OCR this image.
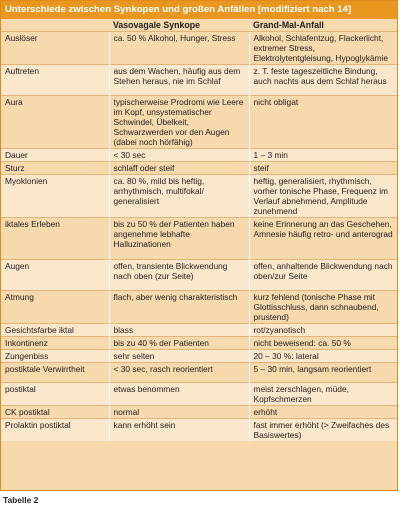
Unterschiede zwischen Synkopen und großen Anfällen [modifiziert nach 14]
	Vasovagale Synkope	Grand-Mal-Anfall
Auslöser	ca. 50 % Alkohol, Hunger, Stress	Alkohol, Schlafentzug, Flackerlicht, extremer Stress, Elektrolytentgleisung, Hypoglykämie
Auftreten	aus dem Wachen, häufig aus dem Stehen heraus, nie im Schlaf	z. T. feste tageszeitliche Bindung, auch nachts aus dem Schlaf heraus
Aura	typischerweise Prodromi wie Leere im Kopf, unsystematischer Schwindel, Übelkeit, Schwarzwerden vor den Augen (dabei noch hörfähig)	nicht obligat
Dauer	< 30 sec	1 – 3 min
Sturz	schlaff oder steif	steif
Myoklonien	ca. 80 %, mild bis heftig, arrhythmisch, multifokal/ generalisiert	heftig, generalisiert, rhythmisch, vorher tonische Phase, Frequenz im Verlauf abnehmend, Amplitude zunehmend
iktales Erleben	bis zu 50 % der Patienten haben angenehme lebhafte Halluzinationen	keine Erinnerung an das Geschehen, Amnesie häufig retro- und anterograd
Augen	offen, transiente Blickwendung nach oben (zur Seite)	offen, anhaltende Blickwendung nach oben/zur Seite
Atmung	flach, aber wenig charakteristisch	kurz fehlend (tonische Phase mit Glottisschluss, dann schnaubend, prustend)
Gesichtsfarbe iktal	blass	rot/zyanotisch
Inkontinenz	bis zu 40 % der Patienten	nicht beweisend: ca. 50 %
Zungenbiss	sehr selten	20 – 30 %: lateral
postiktale Verwirrtheit	< 30 sec, rasch reorientiert	5 – 30 min, langsam reorientiert
postiktal	etwas benommen	meist zerschlagen, müde, Kopfschmerzen
CK postiktal	normal	erhöht
Prolaktin postiktal	kann erhöht sein	fast immer erhöht (> Zweifaches des Basiswertes)
Tabelle 2
